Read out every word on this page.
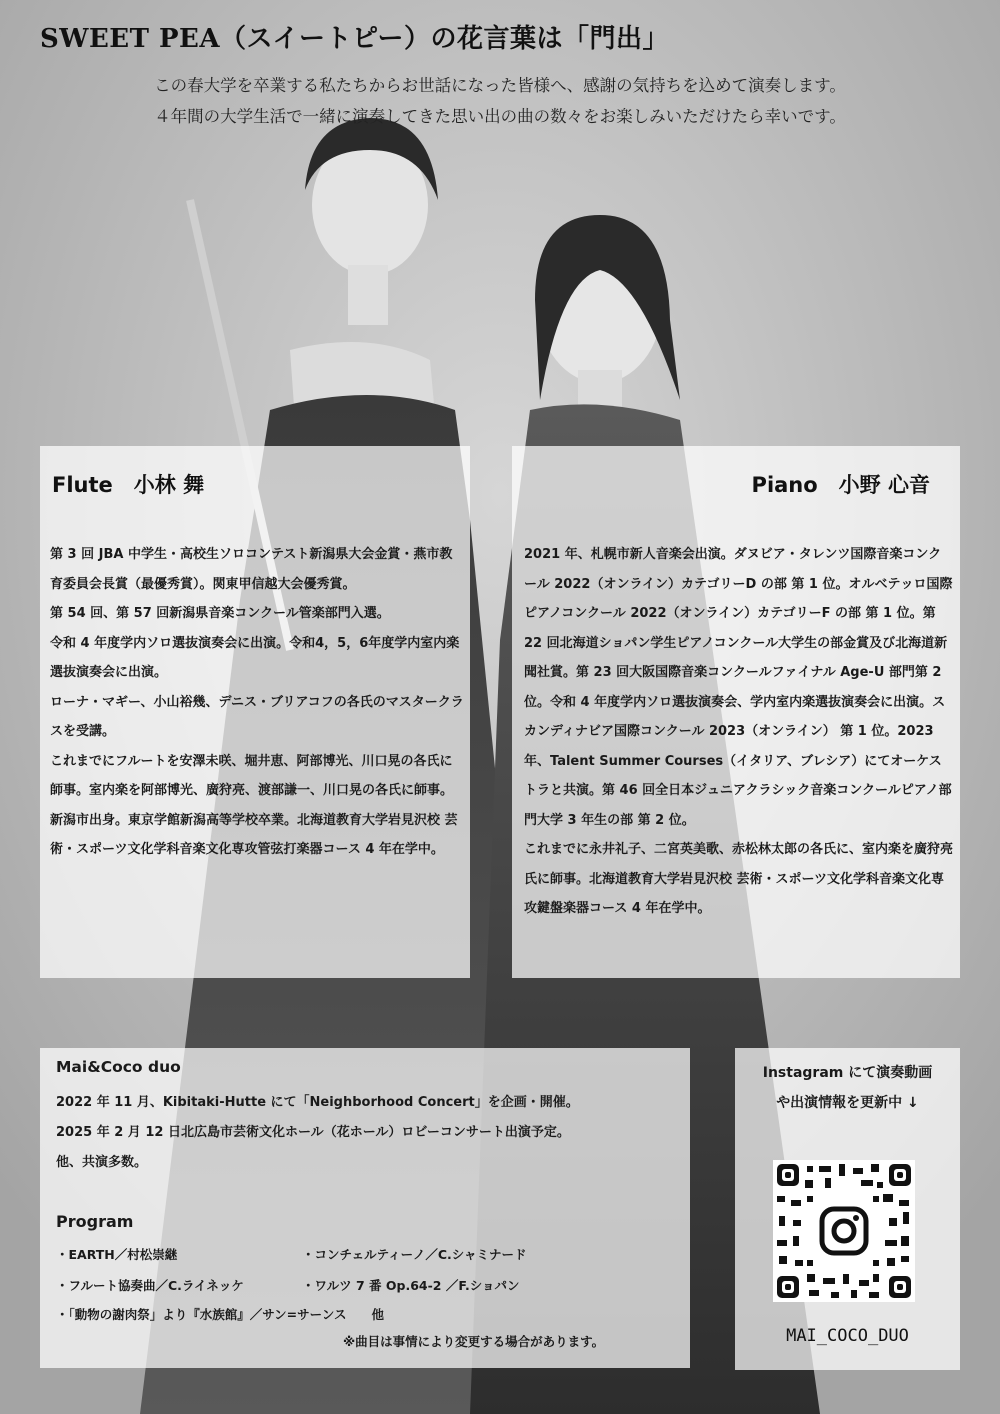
SWEET PEA（スイートピー）の花言葉は「門出」
この春大学を卒業する私たちからお世話になった皆様へ、感謝の気持ちを込めて演奏します。
４年間の大学生活で一緒に演奏してきた思い出の曲の数々をお楽しみいただけたら幸いです。
Flute　小林 舞

第 3 回 JBA 中学生・高校生ソロコンテスト新潟県大会金賞・燕市教育委員会長賞（最優秀賞）。関東甲信越大会優秀賞。

第 54 回、第 57 回新潟県音楽コンクール管楽部門入選。

令和 4 年度学内ソロ選抜演奏会に出演。令和4，5，6年度学内室内楽選抜演奏会に出演。

ローナ・マギー、小山裕幾、デニス・ブリアコフの各氏のマスタークラスを受講。

これまでにフルートを安澤未咲、堀井恵、阿部博光、川口晃の各氏に師事。室内楽を阿部博光、廣狩亮、渡部謙一、川口晃の各氏に師事。

新潟市出身。東京学館新潟高等学校卒業。北海道教育大学岩見沢校 芸術・スポーツ文化学科音楽文化専攻管弦打楽器コース 4 年在学中。

Piano　小野 心音

2021 年、札幌市新人音楽会出演。ダヌビア・タレンツ国際音楽コンクール 2022（オンライン）カテゴリーD の部 第 1 位。オルベテッロ国際ピアノコンクール 2022（オンライン）カテゴリーF の部 第 1 位。第 22 回北海道ショパン学生ピアノコンクール大学生の部金賞及び北海道新聞社賞。第 23 回大阪国際音楽コンクールファイナル Age-U 部門第 2 位。令和 4 年度学内ソロ選抜演奏会、学内室内楽選抜演奏会に出演。スカンディナビア国際コンクール 2023（オンライン） 第 1 位。2023 年、Talent Summer Courses（イタリア、ブレシア）にてオーケストラと共演。第 46 回全日本ジュニアクラシック音楽コンクールピアノ部門大学 3 年生の部 第 2 位。

これまでに永井礼子、二宮英美歌、赤松林太郎の各氏に、室内楽を廣狩亮氏に師事。北海道教育大学岩見沢校 芸術・スポーツ文化学科音楽文化専攻鍵盤楽器コース 4 年在学中。

Mai&Coco duo
2022 年 11 月、Kibitaki-Hutte にて「Neighborhood Concert」を企画・開催。
2025 年 2 月 12 日北広島市芸術文化ホール（花ホール）ロビーコンサート出演予定。
他、共演多数。
Program
・EARTH／村松崇継	・コンチェルティーノ／C.シャミナード
・フルート協奏曲／C.ライネッケ	・ワルツ 7 番 Op.64-2 ／F.ショパン
・「動物の謝肉祭」より『水族館』／サン=サーンス　　他
※曲目は事情により変更する場合があります。
Instagram にて演奏動画
や出演情報を更新中 ↓
MAI_COCO_DUO
